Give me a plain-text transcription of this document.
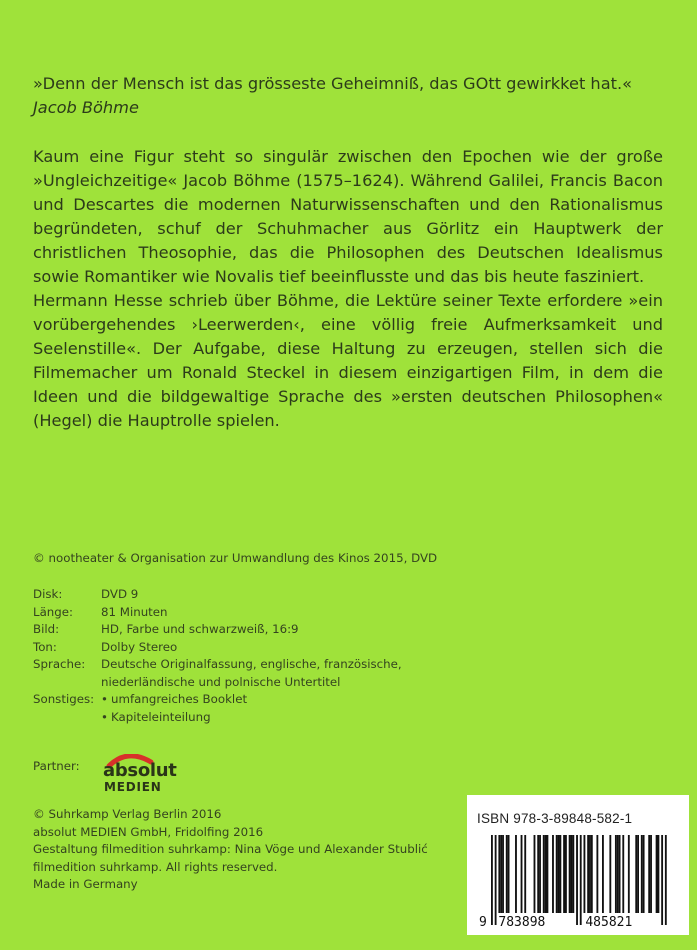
»Denn der Mensch ist das grösseste Geheimniß, das GOtt gewirkket hat.« Jacob Böhme

Kaum eine Figur steht so singulär zwischen den Epochen wie der große »Ungleichzeitige« Jacob Böhme (1575–1624). Während Galilei, Francis Bacon und Descartes die modernen Naturwissenschaften und den Rationalismus begründeten, schuf der Schuhmacher aus Görlitz ein Hauptwerk der christlichen Theosophie, das die Philosophen des Deutschen Idealismus sowie Romantiker wie Novalis tief beeinflusste und das bis heute fasziniert.

Hermann Hesse schrieb über Böhme, die Lektüre seiner Texte erfordere »ein vorübergehendes ›Leerwerden‹, eine völlig freie Aufmerksamkeit und Seelenstille«. Der Aufgabe, diese Haltung zu erzeugen, stellen sich die Filmemacher um Ronald Steckel in diesem einzigartigen Film, in dem die Ideen und die bildgewaltige Sprache des »ersten deutschen Philosophen« (Hegel) die Hauptrolle spielen.

© nootheater & Organisation zur Umwandlung des Kinos 2015, DVD
Disk:	DVD 9
Länge:	81 Minuten
Bild:	HD, Farbe und schwarzweiß, 16:9
Ton:	Dolby Stereo
Sprache:	Deutsche Originalfassung, englische, französische, niederländische und polnische Untertitel
Sonstiges:
•	umfangreiches Booklet
• Kapiteleinteilung
Partner:	absolut
MEDIEN
© Suhrkamp Verlag Berlin 2016
absolut MEDIEN GmbH, Fridolfing 2016
Gestaltung filmedition suhrkamp: Nina Vöge und Alexander Stublić
filmedition suhrkamp. All rights reserved.
Made in Germany
ISBN 978-3-89848-582-1
9 783898	485821
